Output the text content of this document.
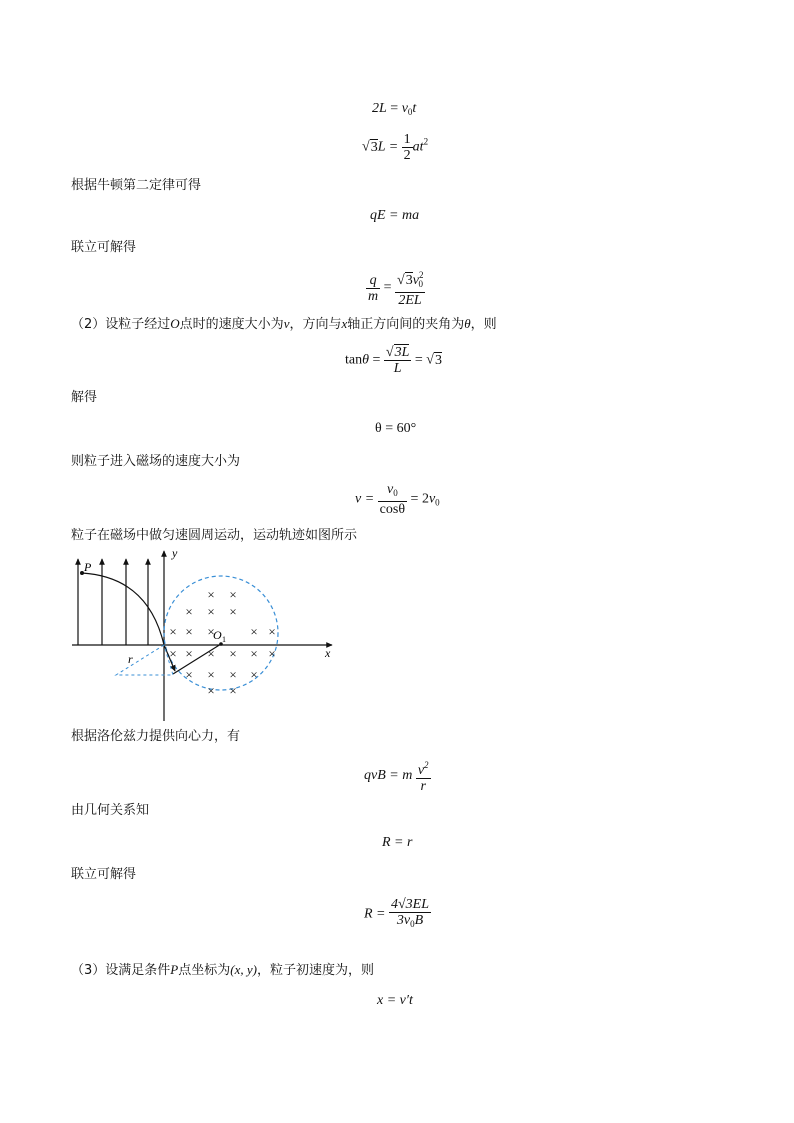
$2L = v_0t$
$√3L = \frac{1}{2} at^2$
根据牛顿第二定律可得
qE = ma
联立可解得
$\frac{q}{m} = \frac{√3v^2_0}{2EL}$
（2）设粒子经过O点时的速度大小为v，方向与x轴正方向间的夹角为θ，则
$\tan\theta = \frac{√3L}{L} = √3$
解得
θ = 60°
则粒子进入磁场的速度大小为
$v = \frac{v_0}{\cos\theta} = 2v_0$
粒子在磁场中做匀速圆周运动，运动轨迹如图所示
y
x
× ×
× × ×
× × ×	× ×
× × × × × ×
× × × ×
× ×
P
O 1
r
根据洛伦兹力提供向心力，有
qvB = m $\frac{v^2}{r}$
由几何关系知
R = r
联立可解得
$R = \frac{4√3EL}{3v_0B}$
（3）设满足条件P点坐标为(x, y)，粒子初速度为，则
x = v′t
